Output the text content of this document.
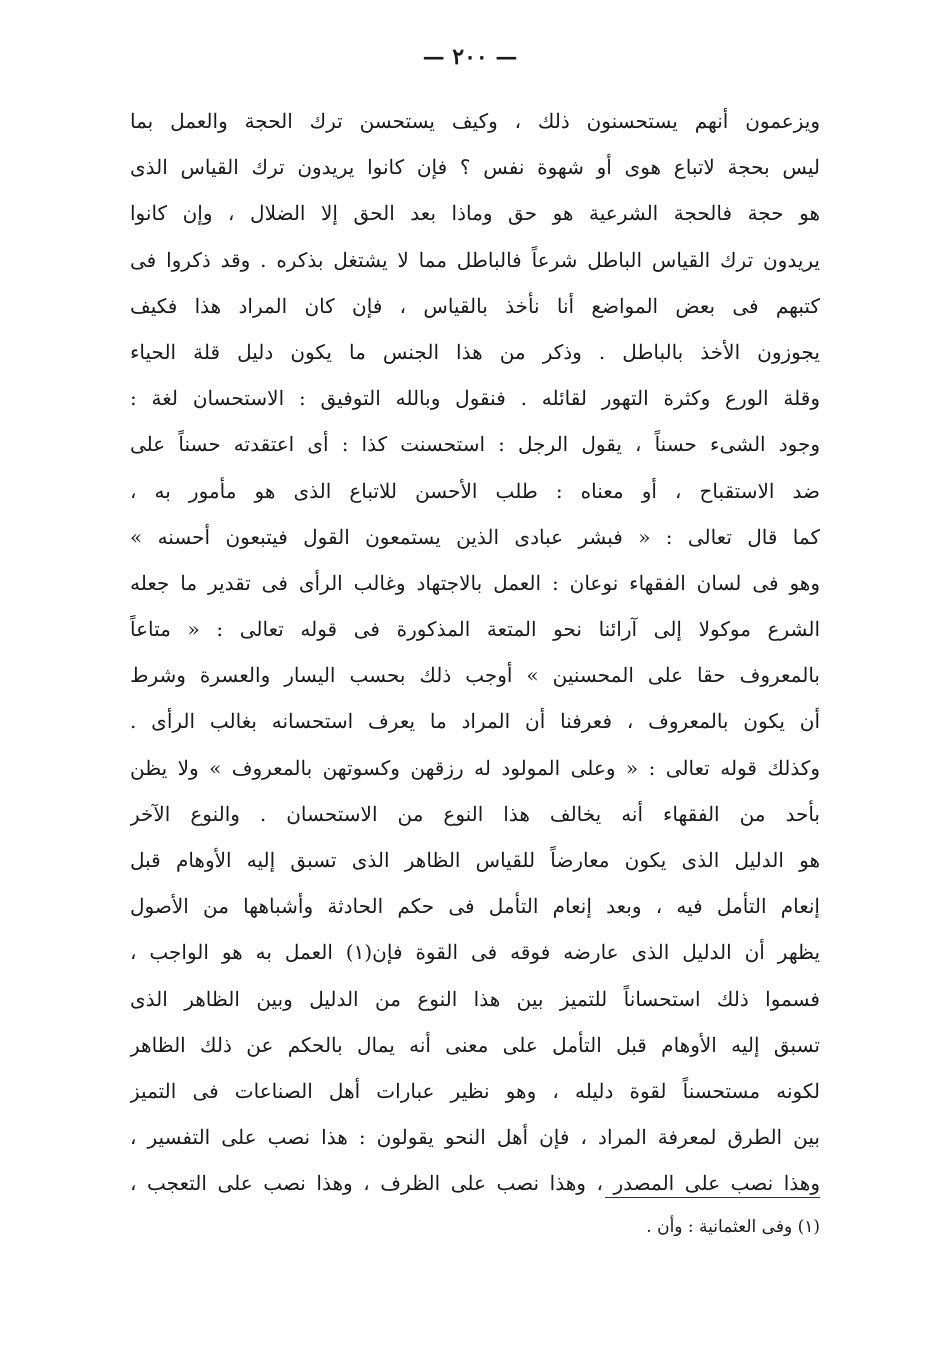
— ٢٠٠ —
ويزعمون أنهم يستحسنون ذلك ، وكيف يستحسن ترك الحجة والعمل بما
ليس بحجة لاتباع هوى أو شهوة نفس ؟ فإن كانوا يريدون ترك القياس الذى
هو حجة فالحجة الشرعية هو حق وماذا بعد الحق إلا الضلال ، وإن كانوا
يريدون ترك القياس الباطل شرعاً فالباطل مما لا يشتغل بذكره . وقد ذكروا فى
كتبهم فى بعض المواضع أنا نأخذ بالقياس ، فإن كان المراد هذا فكيف
يجوزون الأخذ بالباطل . وذكر من هذا الجنس ما يكون دليل قلة الحياء
وقلة الورع وكثرة التهور لقائله . فنقول وبالله التوفيق : الاستحسان لغة :
وجود الشىء حسناً ، يقول الرجل : استحسنت كذا : أى اعتقدته حسناً على
ضد الاستقباح ، أو معناه : طلب الأحسن للاتباع الذى هو مأمور به ،
كما قال تعالى : « فبشر عبادى الذين يستمعون القول فيتبعون أحسنه »
وهو فى لسان الفقهاء نوعان : العمل بالاجتهاد وغالب الرأى فى تقدير ما جعله
الشرع موكولا إلى آرائنا نحو المتعة المذكورة فى قوله تعالى : « متاعاً
بالمعروف حقا على المحسنين » أوجب ذلك بحسب اليسار والعسرة وشرط
أن يكون بالمعروف ، فعرفنا أن المراد ما يعرف استحسانه بغالب الرأى .
وكذلك قوله تعالى : « وعلى المولود له رزقهن وكسوتهن بالمعروف » ولا يظن
بأحد من الفقهاء أنه يخالف هذا النوع من الاستحسان . والنوع الآخر
هو الدليل الذى يكون معارضاً للقياس الظاهر الذى تسبق إليه الأوهام قبل
إنعام التأمل فيه ، وبعد إنعام التأمل فى حكم الحادثة وأشباهها من الأصول
يظهر أن الدليل الذى عارضه فوقه فى القوة فإن(١) العمل به هو الواجب ،
فسموا ذلك استحساناً للتميز بين هذا النوع من الدليل وبين الظاهر الذى
تسبق إليه الأوهام قبل التأمل على معنى أنه يمال بالحكم عن ذلك الظاهر
لكونه مستحسناً لقوة دليله ، وهو نظير عبارات أهل الصناعات فى التميز
بين الطرق لمعرفة المراد ، فإن أهل النحو يقولون : هذا نصب على التفسير ،
وهذا نصب على المصدر ، وهذا نصب على الظرف ، وهذا نصب على التعجب ،
(١) وفى العثمانية : وأن .
